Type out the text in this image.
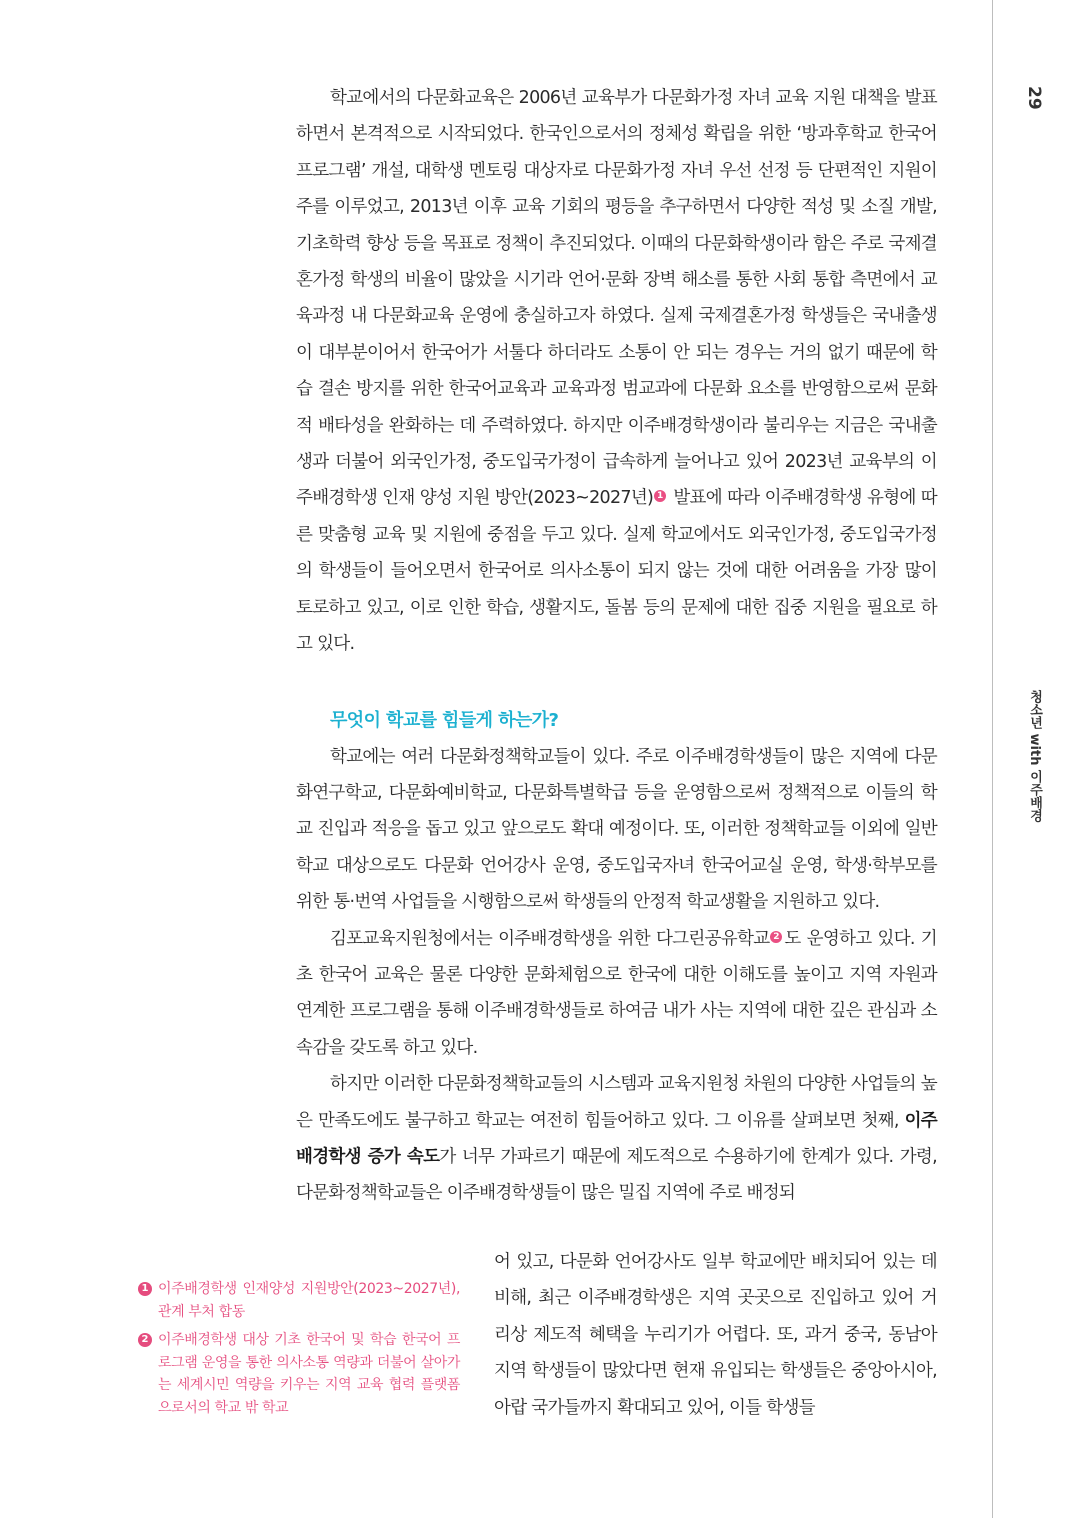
29
청소년 with 이주배경

학교에서의 다문화교육은 2006년 교육부가 다문화가정 자녀 교육 지원 대책을 발표하면서 본격적으로 시작되었다. 한국인으로서의 정체성 확립을 위한 ‘방과후학교 한국어 프로그램’ 개설, 대학생 멘토링 대상자로 다문화가정 자녀 우선 선정 등 단편적인 지원이 주를 이루었고, 2013년 이후 교육 기회의 평등을 추구하면서 다양한 적성 및 소질 개발, 기초학력 향상 등을 목표로 정책이 추진되었다. 이때의 다문화학생이라 함은 주로 국제결혼가정 학생의 비율이 많았을 시기라 언어·문화 장벽 해소를 통한 사회 통합 측면에서 교육과정 내 다문화교육 운영에 충실하고자 하였다. 실제 국제결혼가정 학생들은 국내출생이 대부분이어서 한국어가 서툴다 하더라도 소통이 안 되는 경우는 거의 없기 때문에 학습 결손 방지를 위한 한국어교육과 교육과정 범교과에 다문화 요소를 반영함으로써 문화적 배타성을 완화하는 데 주력하였다. 하지만 이주배경학생이라 불리우는 지금은 국내출생과 더불어 외국인가정, 중도입국가정이 급속하게 늘어나고 있어 2023년 교육부의 이주배경학생 인재 양성 지원 방안(2023~2027년) 1 발표에 따라 이주배경학생 유형에 따른 맞춤형 교육 및 지원에 중점을 두고 있다. 실제 학교에서도 외국인가정, 중도입국가정의 학생들이 들어오면서 한국어로 의사소통이 되지 않는 것에 대한 어려움을 가장 많이 토로하고 있고, 이로 인한 학습, 생활지도, 돌봄 등의 문제에 대한 집중 지원을 필요로 하고 있다.

무엇이 학교를 힘들게 하는가?

학교에는 여러 다문화정책학교들이 있다. 주로 이주배경학생들이 많은 지역에 다문화연구학교, 다문화예비학교, 다문화특별학급 등을 운영함으로써 정책적으로 이들의 학교 진입과 적응을 돕고 있고 앞으로도 확대 예정이다. 또, 이러한 정책학교들 이외에 일반 학교 대상으로도 다문화 언어강사 운영, 중도입국자녀 한국어교실 운영, 학생·학부모를 위한 통·번역 사업들을 시행함으로써 학생들의 안정적 학교생활을 지원하고 있다.

김포교육지원청에서는 이주배경학생을 위한 다그린공유학교 2 도 운영하고 있다. 기초 한국어 교육은 물론 다양한 문화체험으로 한국에 대한 이해도를 높이고 지역 자원과 연계한 프로그램을 통해 이주배경학생들로 하여금 내가 사는 지역에 대한 깊은 관심과 소속감을 갖도록 하고 있다.

하지만 이러한 다문화정책학교들의 시스템과 교육지원청 차원의 다양한 사업들의 높은 만족도에도 불구하고 학교는 여전히 힘들어하고 있다. 그 이유를 살펴보면 첫째, 이주배경학생 증가 속도가 너무 가파르기 때문에 제도적으로 수용하기에 한계가 있다. 가령, 다문화정책학교들은 이주배경학생들이 많은 밀집 지역에 주로 배정되

어 있고, 다문화 언어강사도 일부 학교에만 배치되어 있는 데 비해, 최근 이주배경학생은 지역 곳곳으로 진입하고 있어 거리상 제도적 혜택을 누리기가 어렵다. 또, 과거 중국, 동남아 지역 학생들이 많았다면 현재 유입되는 학생들은 중앙아시아, 아랍 국가들까지 확대되고 있어, 이들 학생들

1 이주배경학생 인재양성 지원방안(2023~2027년), 관계 부처 합동

2 이주배경학생 대상 기초 한국어 및 학습 한국어 프로그램 운영을 통한 의사소통 역량과 더불어 살아가는 세계시민 역량을 키우는 지역 교육 협력 플랫폼으로서의 학교 밖 학교
